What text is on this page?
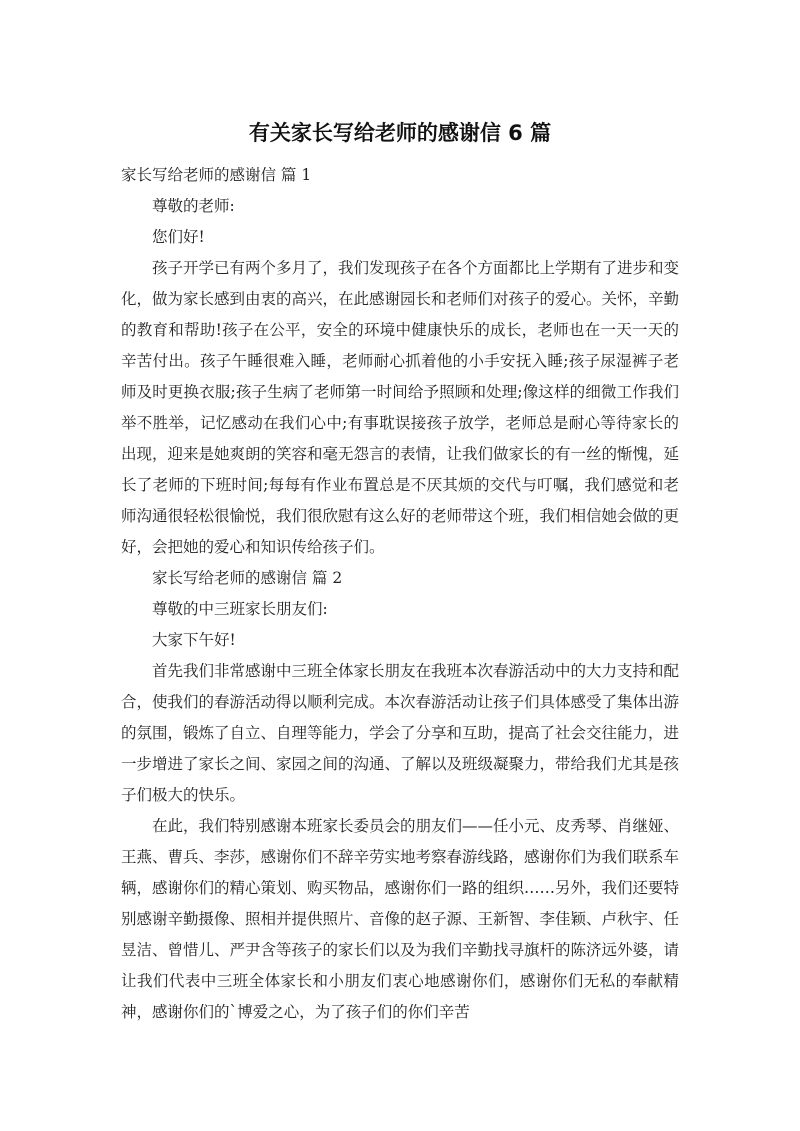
有关家长写给老师的感谢信 6 篇

家长写给老师的感谢信 篇 1

尊敬的老师:

您们好!

孩子开学已有两个多月了，我们发现孩子在各个方面都比上学期有了进步和变化，做为家长感到由衷的高兴，在此感谢园长和老师们对孩子的爱心。关怀，辛勤的教育和帮助!孩子在公平，安全的环境中健康快乐的成长，老师也在一天一天的辛苦付出。孩子午睡很难入睡，老师耐心抓着他的小手安抚入睡;孩子尿湿裤子老师及时更换衣服;孩子生病了老师第一时间给予照顾和处理;像这样的细微工作我们举不胜举，记忆感动在我们心中;有事耽误接孩子放学，老师总是耐心等待家长的出现，迎来是她爽朗的笑容和毫无怨言的表情，让我们做家长的有一丝的惭愧，延长了老师的下班时间;每每有作业布置总是不厌其烦的交代与叮嘱，我们感觉和老师沟通很轻松很愉悦，我们很欣慰有这么好的老师带这个班，我们相信她会做的更好，会把她的爱心和知识传给孩子们。

家长写给老师的感谢信 篇 2

尊敬的中三班家长朋友们:

大家下午好!

首先我们非常感谢中三班全体家长朋友在我班本次春游活动中的大力支持和配合，使我们的春游活动得以顺利完成。本次春游活动让孩子们具体感受了集体出游的氛围，锻炼了自立、自理等能力，学会了分享和互助，提高了社会交往能力，进一步增进了家长之间、家园之间的沟通、了解以及班级凝聚力，带给我们尤其是孩子们极大的快乐。

在此，我们特别感谢本班家长委员会的朋友们——任小元、皮秀琴、肖继娅、王燕、曹兵、李莎，感谢你们不辞辛劳实地考察春游线路，感谢你们为我们联系车辆，感谢你们的精心策划、购买物品，感谢你们一路的组织……另外，我们还要特别感谢辛勤摄像、照相并提供照片、音像的赵子源、王新智、李佳颖、卢秋宇、任昱洁、曾惜儿、严尹含等孩子的家长们以及为我们辛勤找寻旗杆的陈济远外婆，请让我们代表中三班全体家长和小朋友们衷心地感谢你们，感谢你们无私的奉献精神，感谢你们的`博爱之心，为了孩子们的你们辛苦
